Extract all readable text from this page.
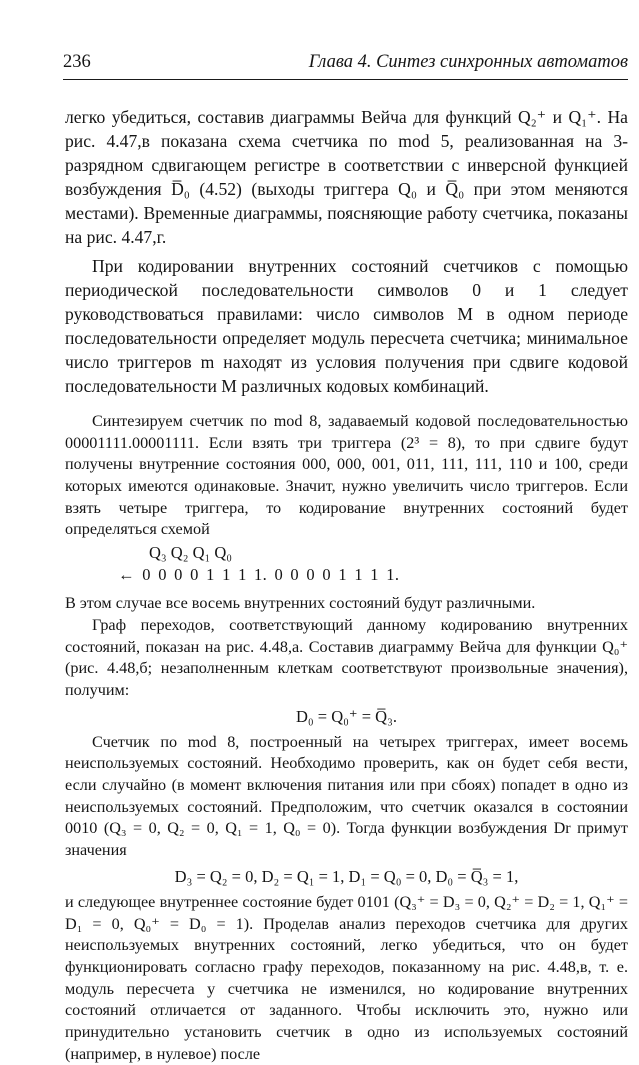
236	Глава 4. Синтез синхронных автоматов

легко убедиться, составив диаграммы Вейча для функций Q₂⁺ и Q₁⁺. На рис. 4.47,в показана схема счетчика по mod 5, реализованная на 3-разрядном сдвигающем регистре в соответствии с инверсной функцией возбуждения D̅₀ (4.52) (выходы триггера Q₀ и Q̅₀ при этом меняются местами). Временные диаграммы, поясняющие работу счетчика, показаны на рис. 4.47,г.

При кодировании внутренних состояний счетчиков с помощью периодической последовательности символов 0 и 1 следует руководствоваться правилами: число символов M в одном периоде последовательности определяет модуль пересчета счетчика; минимальное число триггеров m находят из условия получения при сдвиге кодовой последовательности M различных кодовых комбинаций.

Синтезируем счетчик по mod 8, задаваемый кодовой последовательностью 00001111.00001111. Если взять три триггера (2³ = 8), то при сдвиге будут получены внутренние состояния 000, 000, 001, 011, 111, 111, 110 и 100, среди которых имеются одинаковые. Значит, нужно увеличить число триггеров. Если взять четыре триггера, то кодирование внутренних состояний будет определяться схемой

Q₃ Q₂ Q₁ Q₀
← 0 0 0 0 1 1 1 1. 0 0 0 0 1 1 1 1.

В этом случае все восемь внутренних состояний будут различными.

Граф переходов, соответствующий данному кодированию внутренних состояний, показан на рис. 4.48,а. Составив диаграмму Вейча для функции Q₀⁺ (рис. 4.48,б; незаполненным клеткам соответствуют произвольные значения), получим:

D₀ = Q₀⁺ = Q̅₃.

Счетчик по mod 8, построенный на четырех триггерах, имеет восемь неиспользуемых состояний. Необходимо проверить, как он будет себя вести, если случайно (в момент включения питания или при сбоях) попадет в одно из неиспользуемых состояний. Предположим, что счетчик оказался в состоянии 0010 (Q₃ = 0, Q₂ = 0, Q₁ = 1, Q₀ = 0). Тогда функции возбуждения Dr примут значения

D₃ = Q₂ = 0, D₂ = Q₁ = 1, D₁ = Q₀ = 0, D₀ = Q̅₃ = 1,

и следующее внутреннее состояние будет 0101 (Q₃⁺ = D₃ = 0, Q₂⁺ = D₂ = 1, Q₁⁺ = D₁ = 0, Q₀⁺ = D₀ = 1). Проделав анализ переходов счетчика для других неиспользуемых внутренних состояний, легко убедиться, что он будет функционировать согласно графу переходов, показанному на рис. 4.48,в, т. е. модуль пересчета у счетчика не изменился, но кодирование внутренних состояний отличается от заданного. Чтобы исключить это, нужно или принудительно установить счетчик в одно из используемых состояний (например, в нулевое) после
